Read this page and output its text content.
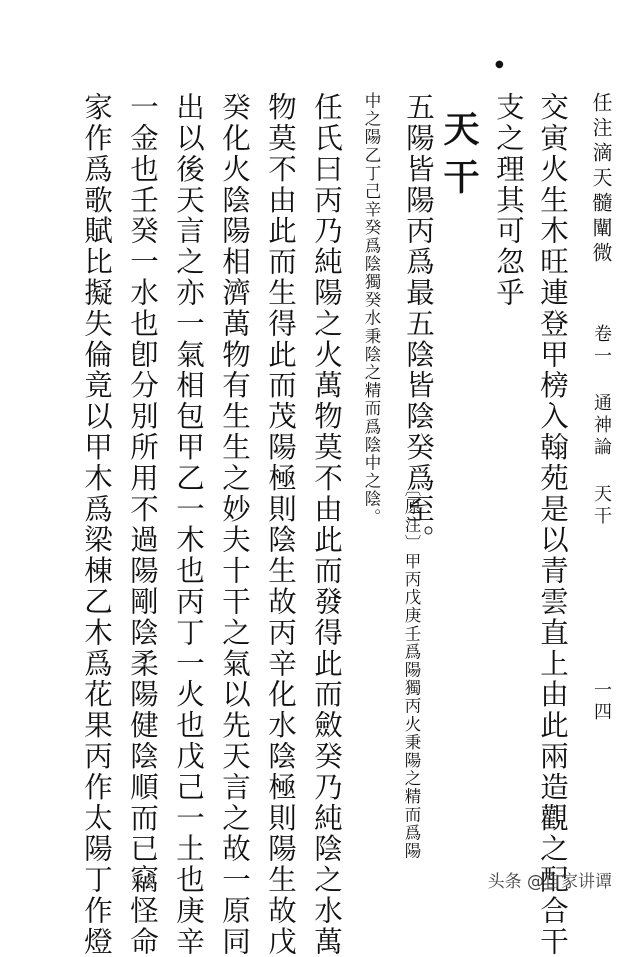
任注滴天髓闡微
卷一 通神論 天干
一四
●
交寅火生木旺連登甲榜入翰苑是以青雲直上由此兩造觀之配合干
支之理其可忽乎
天干
五陽皆陽丙爲最五陰皆陰癸爲至。
〔原注〕甲丙戊庚壬爲陽獨丙火秉陽之精而爲陽
中之陽乙丁己辛癸爲陰獨癸水秉陰之精而爲陰中之陰。
任氏曰丙乃純陽之火萬物莫不由此而發得此而斂癸乃純陰之水萬
物莫不由此而生得此而茂陽極則陰生故丙辛化水陰極則陽生故戊
癸化火陰陽相濟萬物有生生之妙夫十干之氣以先天言之故一原同
出以後天言之亦一氣相包甲乙一木也丙丁一火也戊己一土也庚辛
一金也壬癸一水也卽分別所用不過陽剛陰柔陽健陰順而已竊怪命
家作爲歌賦比擬失倫竟以甲木爲梁棟乙木爲花果丙作太陽丁作燈	头条 @自家讲谭
